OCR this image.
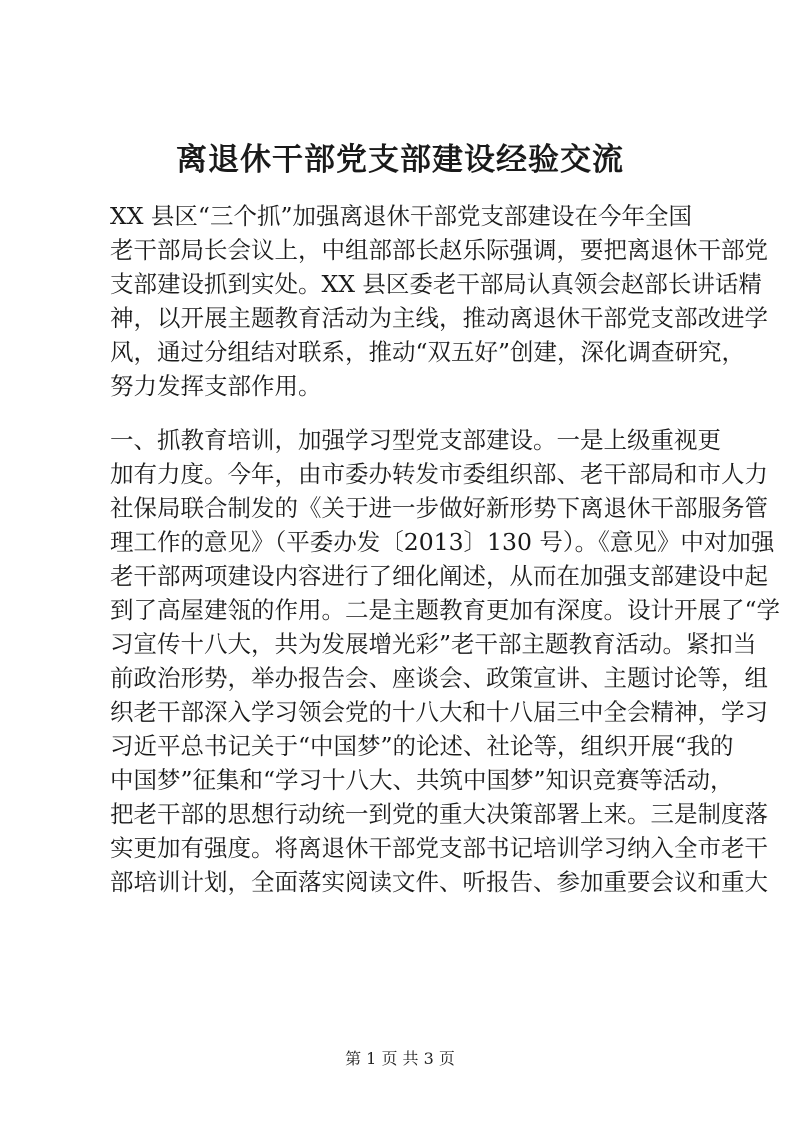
离退休干部党支部建设经验交流

XX 县区“三个抓”加强离退休干部党支部建设在今年全国

老干部局长会议上，中组部部长赵乐际强调，要把离退休干部党

支部建设抓到实处。XX 县区委老干部局认真领会赵部长讲话精

神，以开展主题教育活动为主线，推动离退休干部党支部改进学

风，通过分组结对联系，推动“双五好”创建，深化调查研究，

努力发挥支部作用。

一、抓教育培训，加强学习型党支部建设。一是上级重视更

加有力度。今年，由市委办转发市委组织部、老干部局和市人力

社保局联合制发的《关于进一步做好新形势下离退休干部服务管

理工作的意见》（平委办发〔2013〕130 号）。《意见》中对加强

老干部两项建设内容进行了细化阐述，从而在加强支部建设中起

到了高屋建瓴的作用。二是主题教育更加有深度。设计开展了“学

习宣传十八大，共为发展增光彩”老干部主题教育活动。紧扣当

前政治形势，举办报告会、座谈会、政策宣讲、主题讨论等，组

织老干部深入学习领会党的十八大和十八届三中全会精神，学习

习近平总书记关于“中国梦”的论述、社论等，组织开展“我的

中国梦”征集和“学习十八大、共筑中国梦”知识竞赛等活动，

把老干部的思想行动统一到党的重大决策部署上来。三是制度落

实更加有强度。将离退休干部党支部书记培训学习纳入全市老干

部培训计划，全面落实阅读文件、听报告、参加重要会议和重大

第 1 页 共 3 页
